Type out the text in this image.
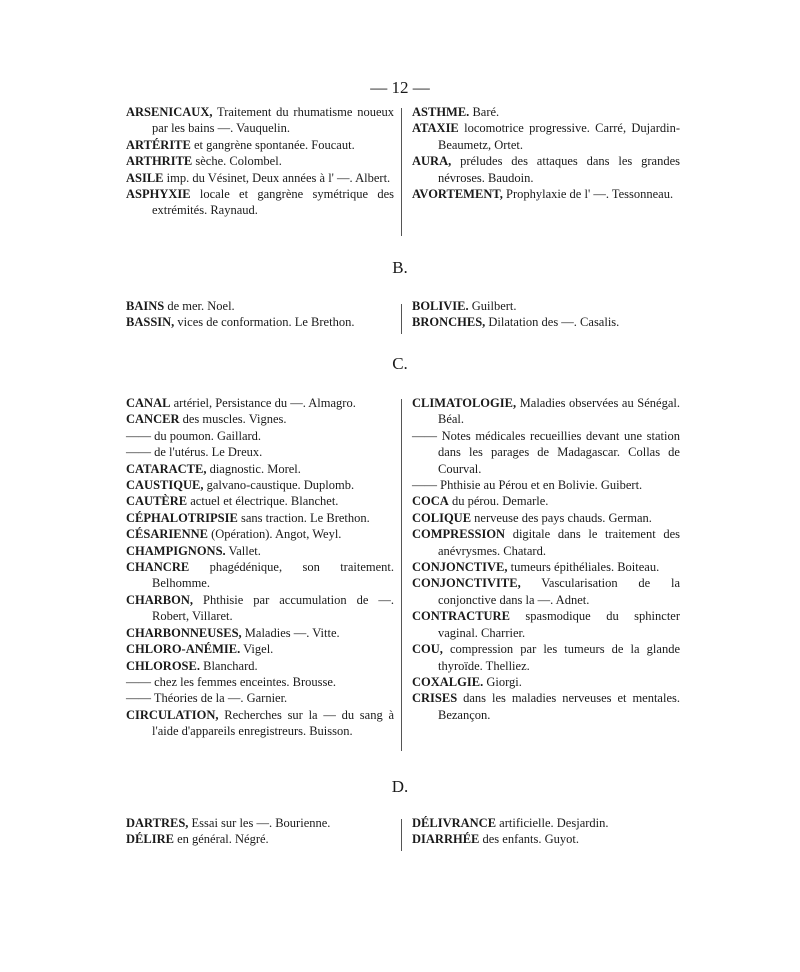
— 12 —
ARSENICAUX, Traitement du rhumatisme noueux par les bains —. Vauquelin.
ARTÉRITE et gangrène spontanée. Foucaut.
ARTHRITE sèche. Colombel.
ASILE imp. du Vésinet, Deux années à l' —. Albert.
ASPHYXIE locale et gangrène symétrique des extrémités. Raynaud.
ASTHME. Baré.
ATAXIE locomotrice progressive. Carré, Dujardin-Beaumetz, Ortet.
AURA, préludes des attaques dans les grandes névroses. Baudoin.
AVORTEMENT, Prophylaxie de l' —. Tessonneau.
B.
BAINS de mer. Noel.
BASSIN, vices de conformation. Le Brethon.
BOLIVIE. Guilbert.
BRONCHES, Dilatation des —. Casalis.
C.
CANAL artériel, Persistance du —. Almagro.
CANCER des muscles. Vignes.
—— du poumon. Gaillard.
—— de l'utérus. Le Dreux.
CATARACTE, diagnostic. Morel.
CAUSTIQUE, galvano-caustique. Duplomb.
CAUTÈRE actuel et électrique. Blanchet.
CÉPHALOTRIPSIE sans traction. Le Brethon.
CÉSARIENNE (Opération). Angot, Weyl.
CHAMPIGNONS. Vallet.
CHANCRE phagédénique, son traitement. Belhomme.
CHARBON, Phthisie par accumulation de —. Robert, Villaret.
CHARBONNEUSES, Maladies —. Vitte.
CHLORO-ANÉMIE. Vigel.
CHLOROSE. Blanchard.
—— chez les femmes enceintes. Brousse.
—— Théories de la —. Garnier.
CIRCULATION, Recherches sur la — du sang à l'aide d'appareils enregistreurs. Buisson.
CLIMATOLOGIE, Maladies observées au Sénégal. Béal.
—— Notes médicales recueillies devant une station dans les parages de Madagascar. Collas de Courval.
—— Phthisie au Pérou et en Bolivie. Guibert.
COCA du pérou. Demarle.
COLIQUE nerveuse des pays chauds. German.
COMPRESSION digitale dans le traitement des anévrysmes. Chatard.
CONJONCTIVE, tumeurs épithéliales. Boiteau.
CONJONCTIVITE, Vascularisation de la conjonctive dans la —. Adnet.
CONTRACTURE spasmodique du sphincter vaginal. Charrier.
COU, compression par les tumeurs de la glande thyroïde. Thelliez.
COXALGIE. Giorgi.
CRISES dans les maladies nerveuses et mentales. Bezançon.
D.
DARTRES, Essai sur les —. Bourienne.
DÉLIRE en général. Négré.
DÉLIVRANCE artificielle. Desjardin.
DIARRHÉE des enfants. Guyot.
